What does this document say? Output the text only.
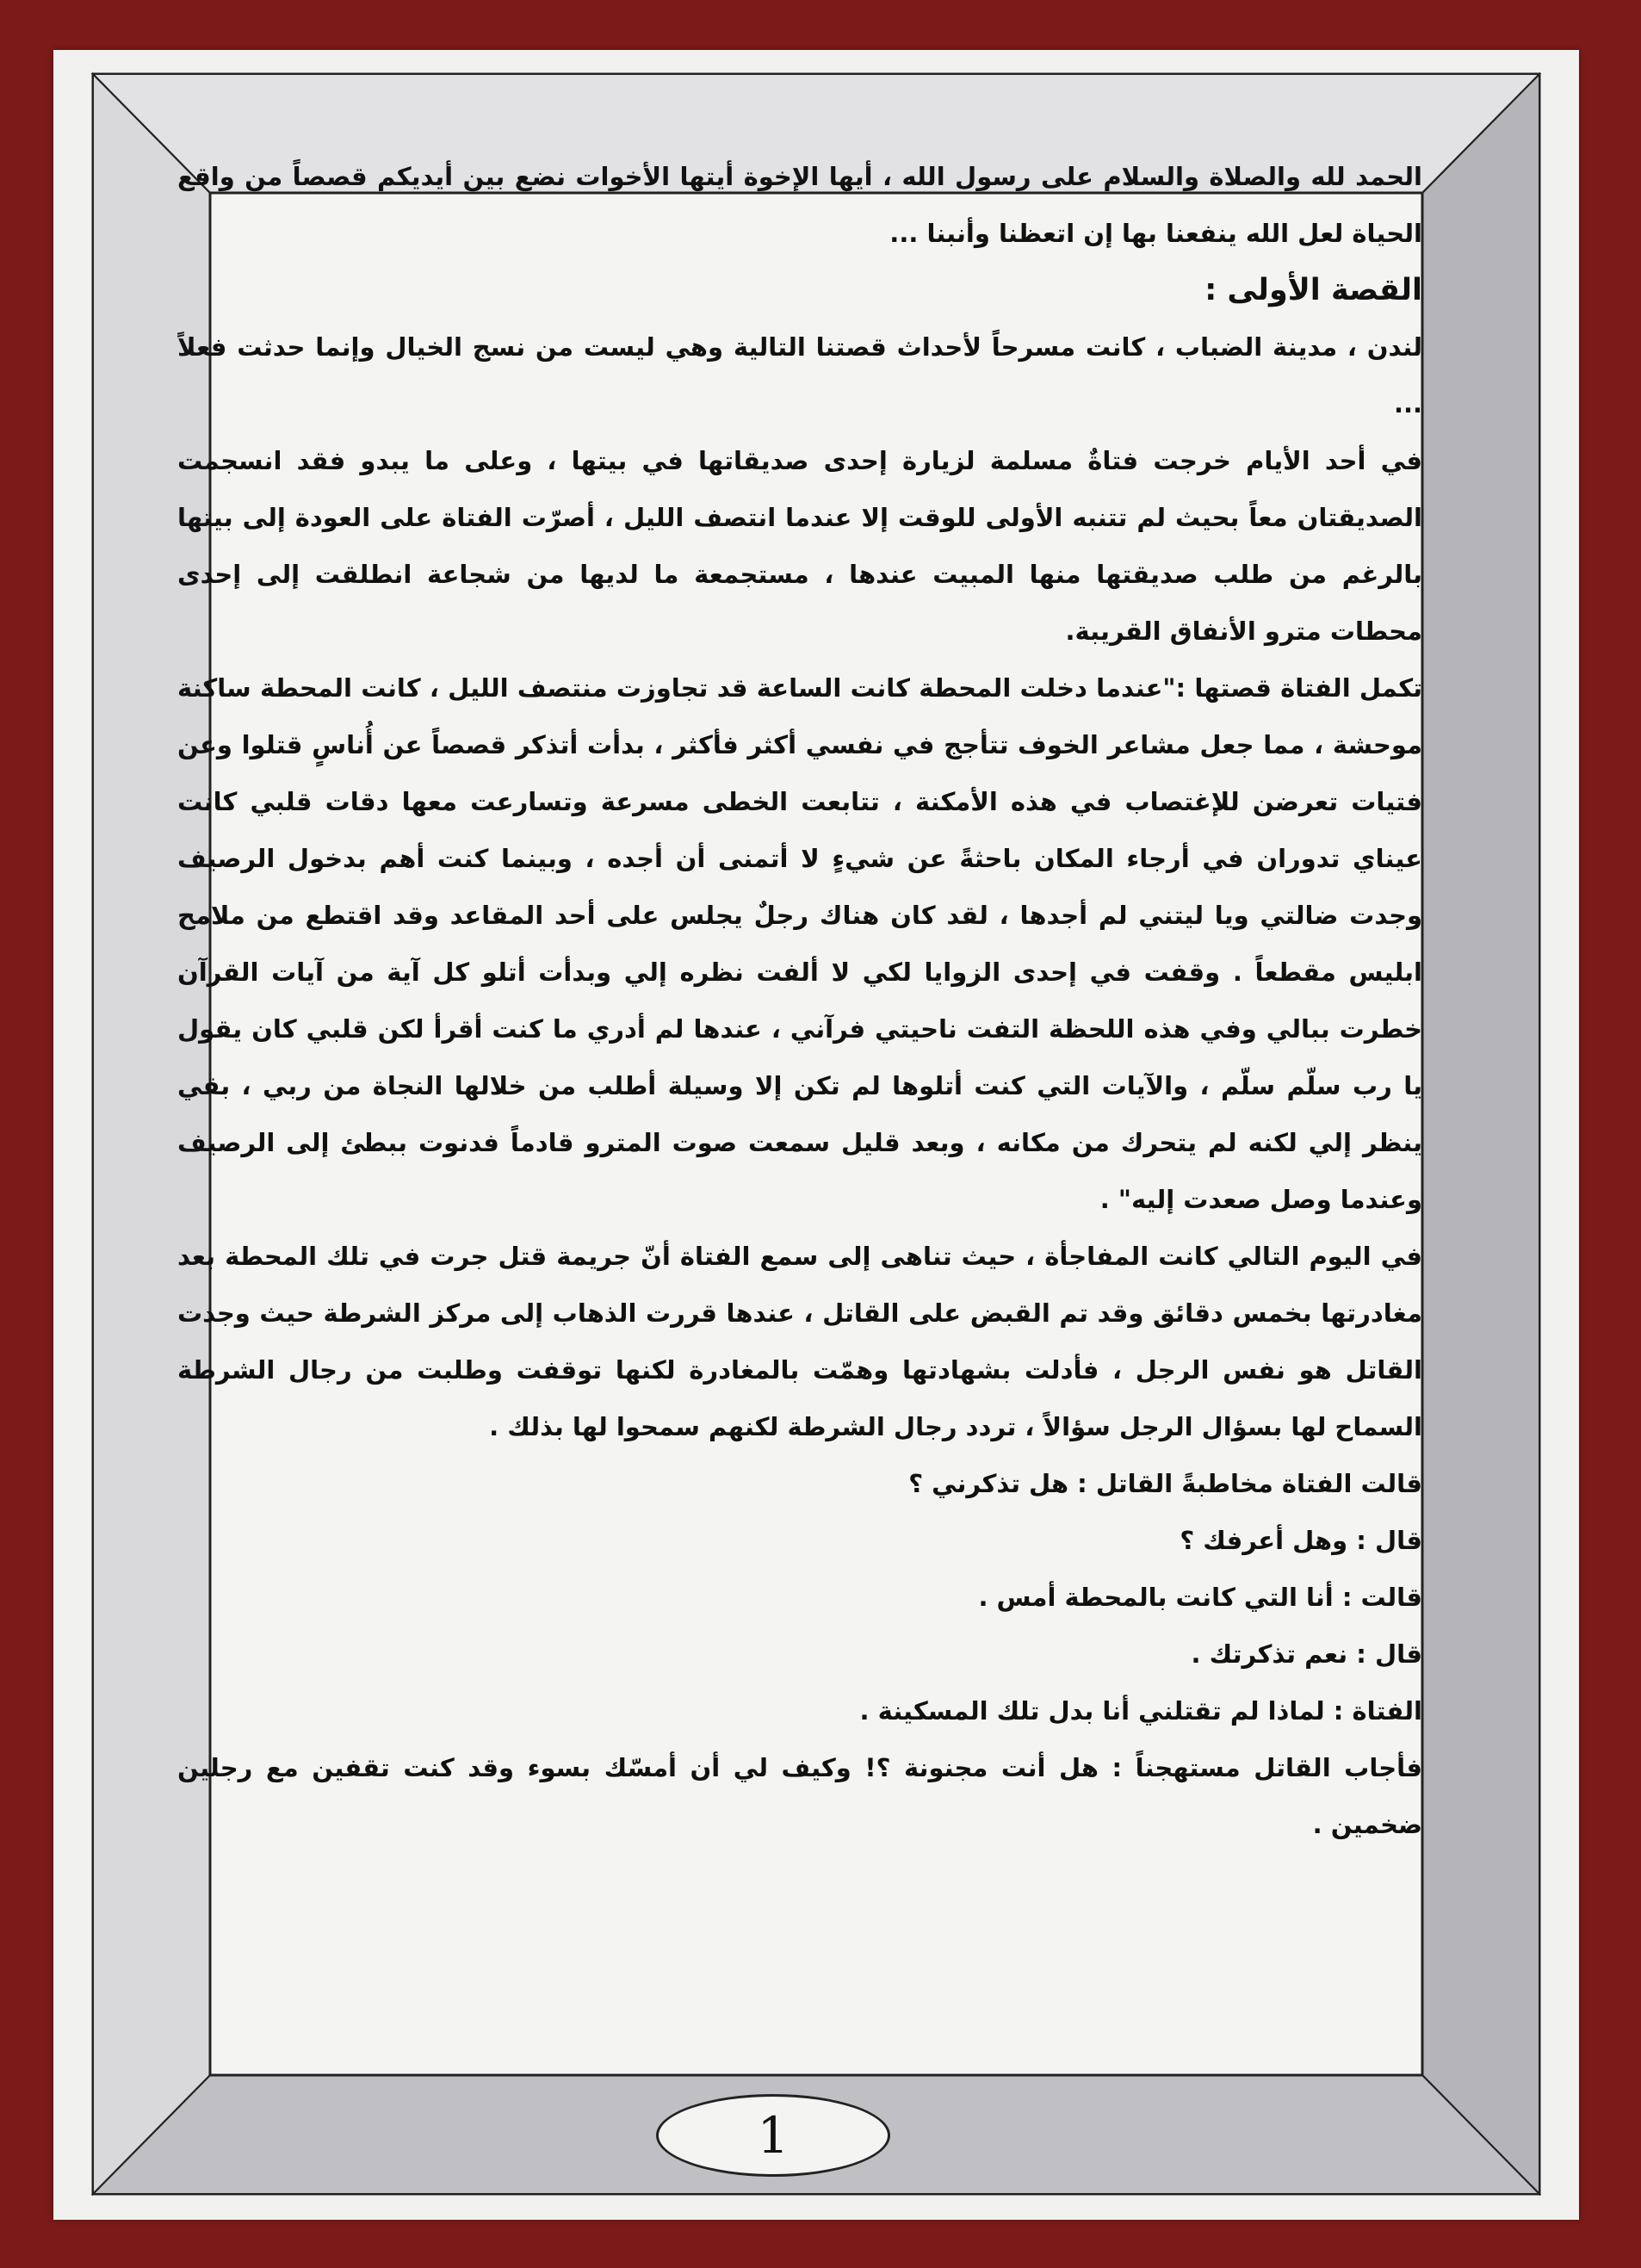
الحمد لله والصلاة والسلام على رسول الله ، أيها الإخوة أيتها الأخوات نضع بين أيديكم قصصاً من واقع الحياة لعل الله ينفعنا بها إن اتعظنا وأنبنا ...

القصة الأولى :

لندن ، مدينة الضباب ، كانت مسرحاً لأحداث قصتنا التالية وهي ليست من نسج الخيال وإنما حدثت فعلاً ...

في أحد الأيام خرجت فتاةٌ مسلمة لزيارة إحدى صديقاتها في بيتها ، وعلى ما يبدو فقد انسجمت الصديقتان معاً بحيث لم تتنبه الأولى للوقت إلا عندما انتصف الليل ، أصرّت الفتاة على العودة إلى بيتها بالرغم من طلب صديقتها منها المبيت عندها ، مستجمعة ما لديها من شجاعة انطلقت إلى إحدى محطات مترو الأنفاق القريبة.

تكمل الفتاة قصتها :"عندما دخلت المحطة كانت الساعة قد تجاوزت منتصف الليل ، كانت المحطة ساكنة موحشة ، مما جعل مشاعر الخوف تتأجج في نفسي أكثر فأكثر ، بدأت أتذكر قصصاً عن أُناسٍ قتلوا وعن فتيات تعرضن للإغتصاب في هذه الأمكنة ، تتابعت الخطى مسرعة وتسارعت معها دقات قلبي كانت عيناي تدوران في أرجاء المكان باحثةً عن شيءٍ لا أتمنى أن أجده ، وبينما كنت أهم بدخول الرصيف وجدت ضالتي ويا ليتني لم أجدها ، لقد كان هناك رجلٌ يجلس على أحد المقاعد وقد اقتطع من ملامح ابليس مقطعاً . وقفت في إحدى الزوايا لكي لا ألفت نظره إلي وبدأت أتلو كل آية من آيات القرآن خطرت ببالي وفي هذه اللحظة التفت ناحيتي فرآني ، عندها لم أدري ما كنت أقرأ لكن قلبي كان يقول يا رب سلّم سلّم ، والآيات التي كنت أتلوها لم تكن إلا وسيلة أطلب من خلالها النجاة من ربي ، بقي ينظر إلي لكنه لم يتحرك من مكانه ، وبعد قليل سمعت صوت المترو قادماً فدنوت ببطئ إلى الرصيف وعندما وصل صعدت إليه" .

في اليوم التالي كانت المفاجأة ، حيث تناهى إلى سمع الفتاة أنّ جريمة قتل جرت في تلك المحطة بعد مغادرتها بخمس دقائق وقد تم القبض على القاتل ، عندها قررت الذهاب إلى مركز الشرطة حيث وجدت القاتل هو نفس الرجل ، فأدلت بشهادتها وهمّت بالمغادرة لكنها توقفت وطلبت من رجال الشرطة السماح لها بسؤال الرجل سؤالاً ، تردد رجال الشرطة لكنهم سمحوا لها بذلك .

قالت الفتاة مخاطبةً القاتل : هل تذكرني ؟

قال : وهل أعرفك ؟

قالت : أنا التي كانت بالمحطة أمس .

قال : نعم تذكرتك .

الفتاة : لماذا لم تقتلني أنا بدل تلك المسكينة .

فأجاب القاتل مستهجناً : هل أنت مجنونة ؟! وكيف لي أن أمسّك بسوء وقد كنت تقفين مع رجلين ضخمين .

1
